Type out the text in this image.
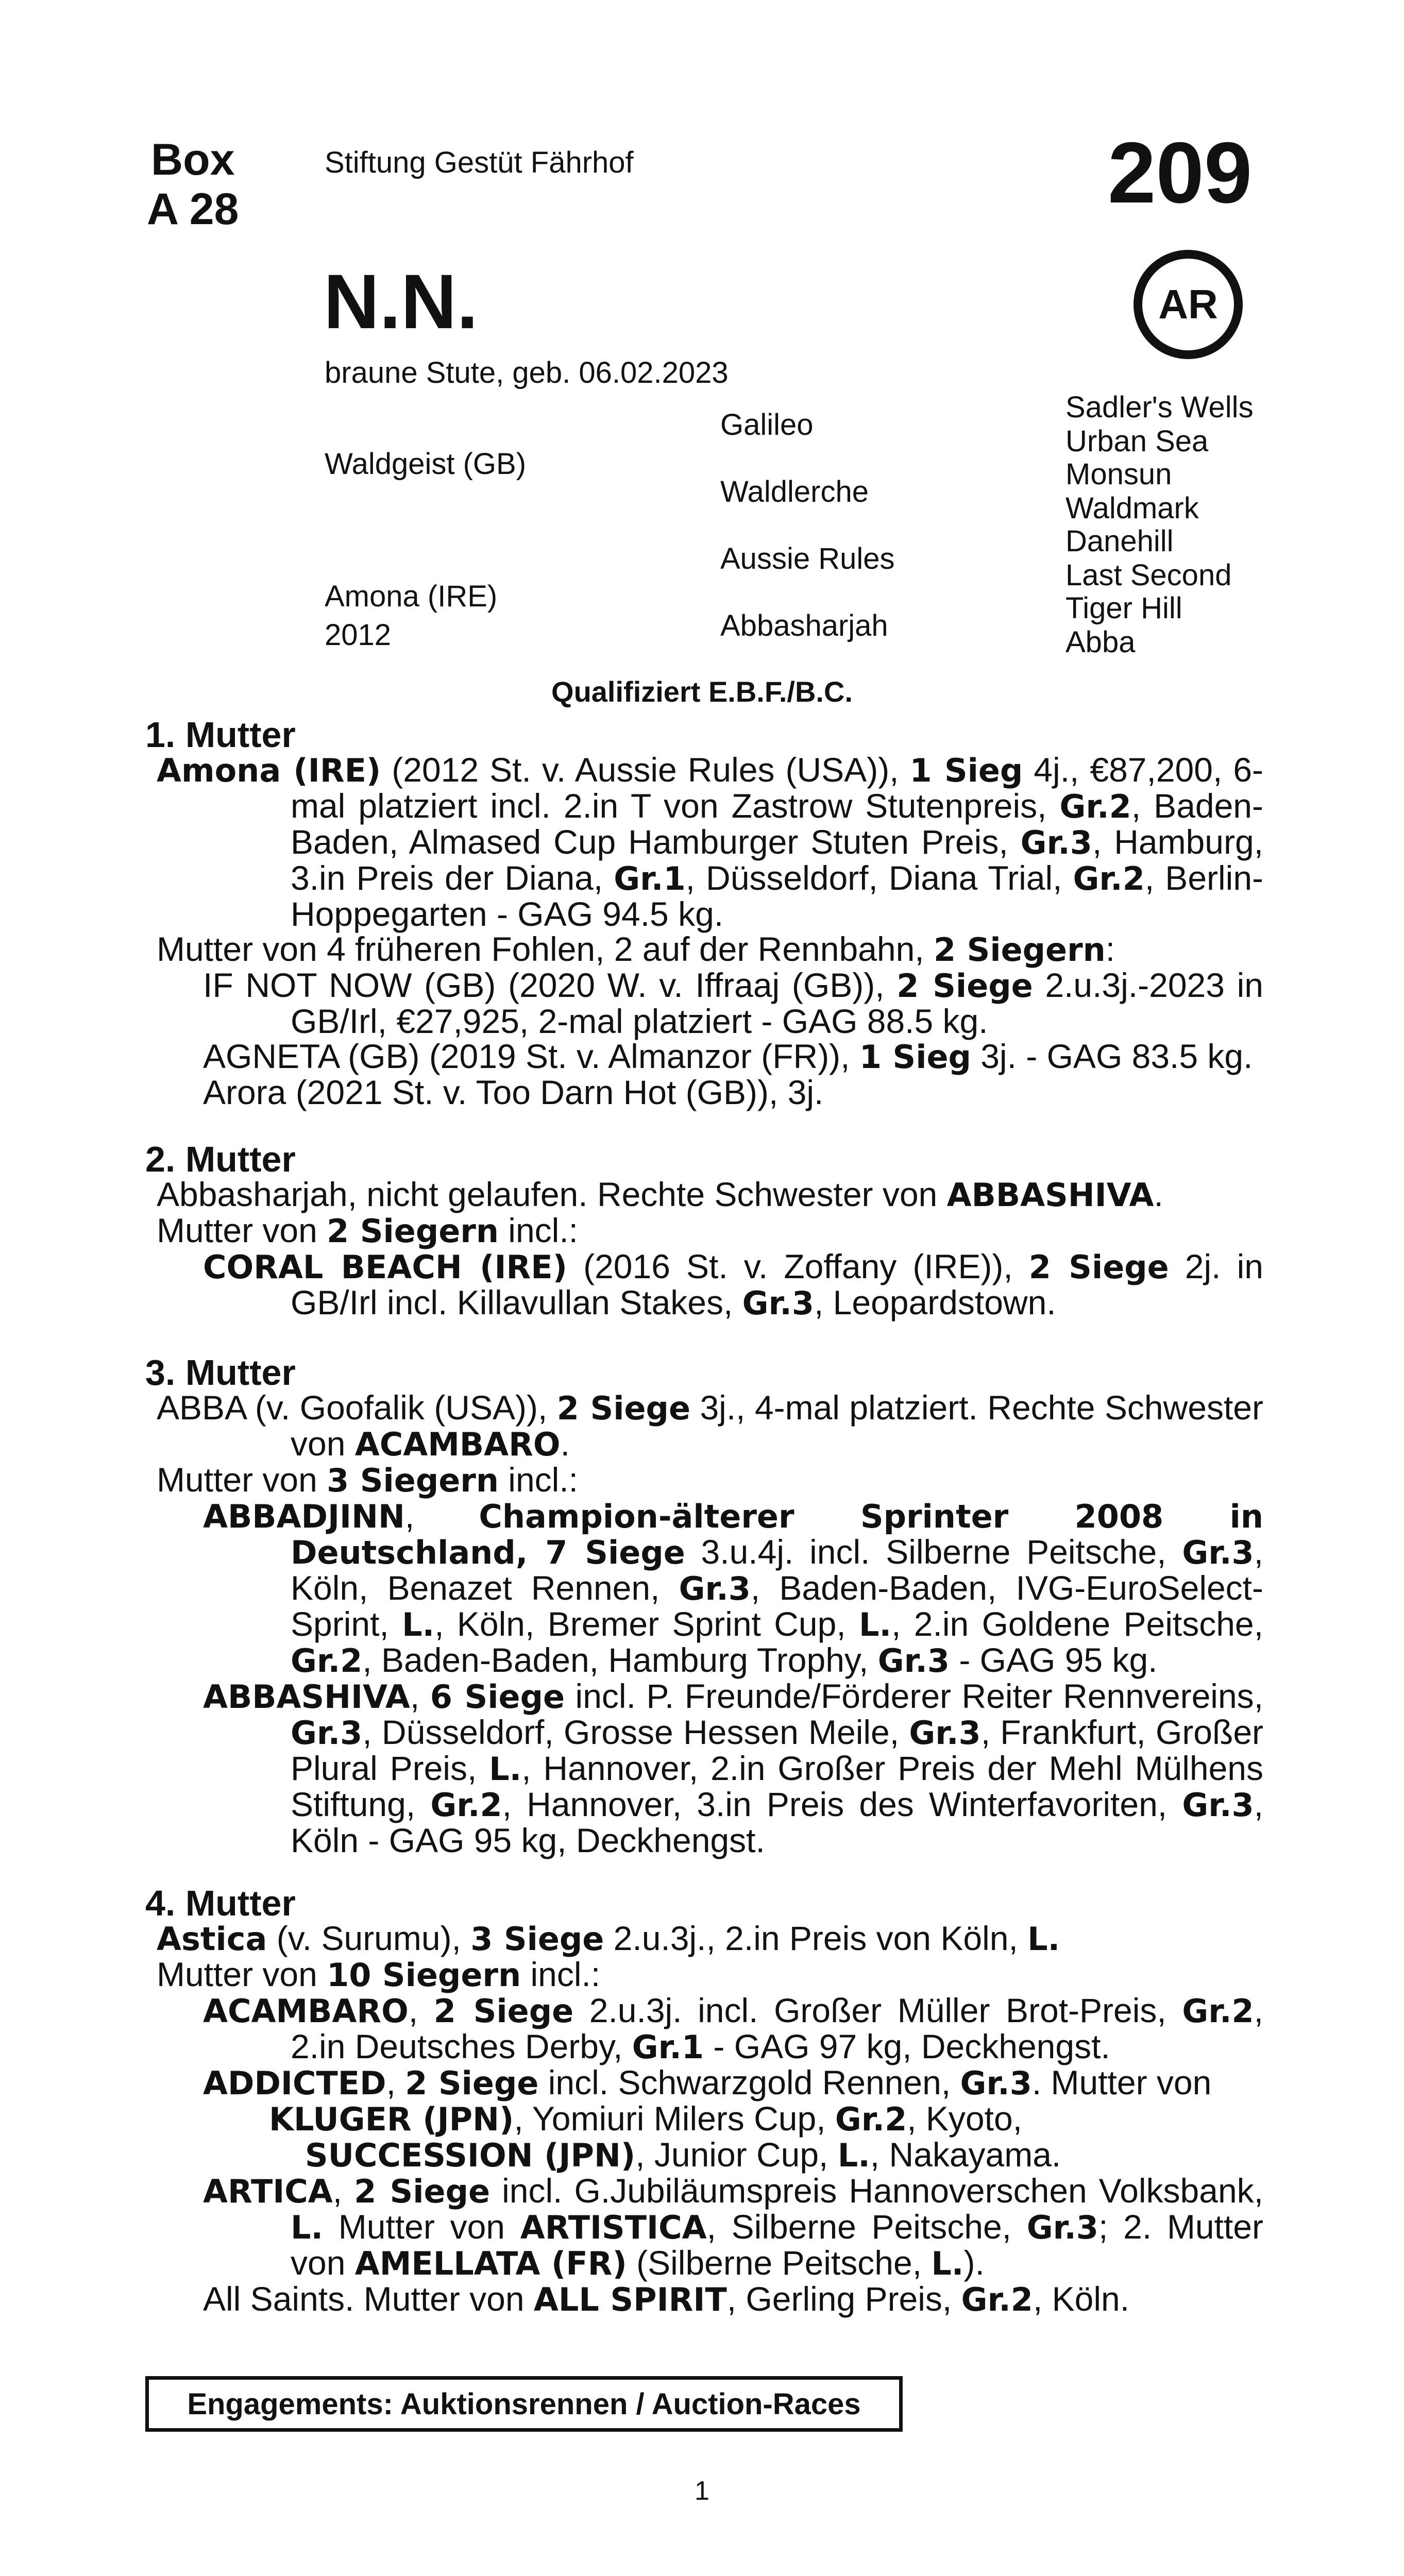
Box
A 28
Stiftung Gestüt Fährhof	209
AR
N.N.
braune Stute, geb. 06.02.2023
Waldgeist (GB)
Amona (IRE)
2012
Galileo
Waldlerche
Aussie Rules
Abbasharjah
Sadler's Wells
Urban Sea
Monsun
Waldmark
Danehill
Last Second
Tiger Hill
Abba
Qualifiziert E.B.F./B.C.
1. Mutter

Amona (IRE) (2012 St. v. Aussie Rules (USA)), 1 Sieg 4j., €87,200, 6-mal platziert incl. 2.in T von Zastrow Stutenpreis, Gr.2, Baden-Baden, Almased Cup Hamburger Stuten Preis, Gr.3, Hamburg, 3.in Preis der Diana, Gr.1, Düsseldorf, Diana Trial, Gr.2, Berlin-Hoppegarten - GAG 94.5 kg.

Mutter von 4 früheren Fohlen, 2 auf der Rennbahn, 2 Siegern:

IF NOT NOW (GB) (2020 W. v. Iffraaj (GB)), 2 Siege 2.u.3j.-2023 in GB/Irl, €27,925, 2-mal platziert - GAG 88.5 kg.

AGNETA (GB) (2019 St. v. Almanzor (FR)), 1 Sieg 3j. - GAG 83.5 kg.

Arora (2021 St. v. Too Darn Hot (GB)), 3j.

2. Mutter

Abbasharjah, nicht gelaufen. Rechte Schwester von ABBASHIVA.

Mutter von 2 Siegern incl.:

CORAL BEACH (IRE) (2016 St. v. Zoffany (IRE)), 2 Siege 2j. in GB/Irl incl. Killavullan Stakes, Gr.3, Leopardstown.

3. Mutter

ABBA (v. Goofalik (USA)), 2 Siege 3j., 4-mal platziert. Rechte Schwester von ACAMBARO.

Mutter von 3 Siegern incl.:

ABBADJINN, Champion-älterer Sprinter 2008 in Deutschland, 7 Siege 3.u.4j. incl. Silberne Peitsche, Gr.3, Köln, Benazet Rennen, Gr.3, Baden-Baden, IVG-EuroSelect-Sprint, L., Köln, Bremer Sprint Cup, L., 2.in Goldene Peitsche, Gr.2, Baden-Baden, Hamburg Trophy, Gr.3 - GAG 95 kg.

ABBASHIVA, 6 Siege incl. P. Freunde/Förderer Reiter Rennvereins, Gr.3, Düsseldorf, Grosse Hessen Meile, Gr.3, Frankfurt, Großer Plural Preis, L., Hannover, 2.in Großer Preis der Mehl Mülhens Stiftung, Gr.2, Hannover, 3.in Preis des Winterfavoriten, Gr.3, Köln - GAG 95 kg, Deckhengst.

4. Mutter

Astica (v. Surumu), 3 Siege 2.u.3j., 2.in Preis von Köln, L.

Mutter von 10 Siegern incl.:

ACAMBARO, 2 Siege 2.u.3j. incl. Großer Müller Brot-Preis, Gr.2, 2.in Deutsches Derby, Gr.1 - GAG 97 kg, Deckhengst.

ADDICTED, 2 Siege incl. Schwarzgold Rennen, Gr.3. Mutter von

KLUGER (JPN), Yomiuri Milers Cup, Gr.2, Kyoto,

SUCCESSION (JPN), Junior Cup, L., Nakayama.

ARTICA, 2 Siege incl. G.Jubiläumspreis Hannoverschen Volksbank, L. Mutter von ARTISTICA, Silberne Peitsche, Gr.3; 2. Mutter von AMELLATA (FR) (Silberne Peitsche, L.).

All Saints. Mutter von ALL SPIRIT, Gerling Preis, Gr.2, Köln.

Engagements: Auktionsrennen / Auction-Races
1
